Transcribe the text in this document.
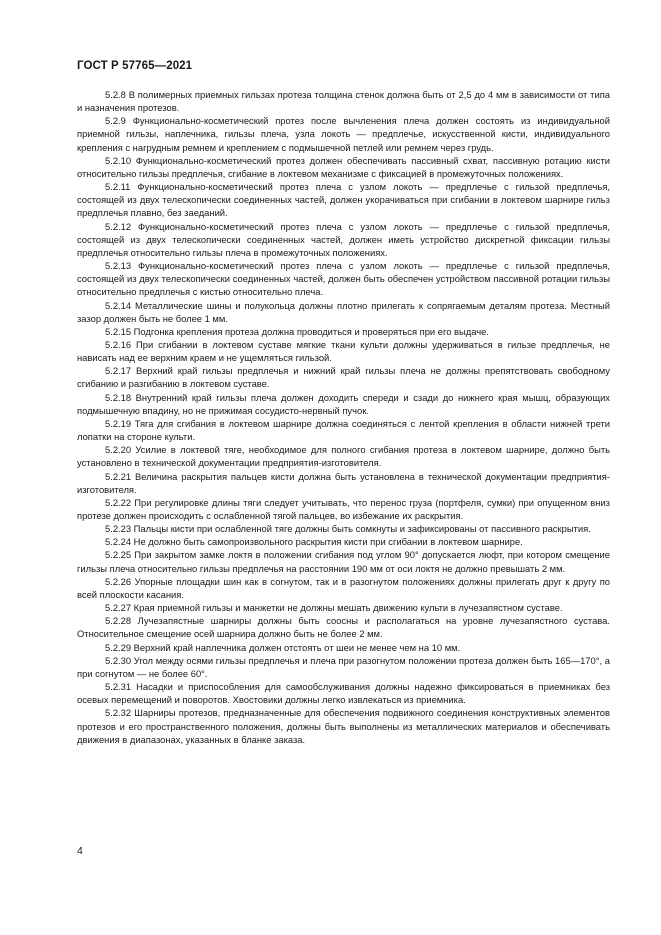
ГОСТ Р 57765—2021

5.2.8 В полимерных приемных гильзах протеза толщина стенок должна быть от 2,5 до 4 мм в зависимости от типа и назначения протезов.

5.2.9 Функционально-косметический протез после вычленения плеча должен состоять из индивидуальной приемной гильзы, наплечника, гильзы плеча, узла локоть — предплечье, искусственной кисти, индивидуального крепления с нагрудным ремнем и креплением с подмышечной петлей или ремнем через грудь.

5.2.10 Функционально-косметический протез должен обеспечивать пассивный схват, пассивную ротацию кисти относительно гильзы предплечья, сгибание в локтевом механизме с фиксацией в промежуточных положениях.

5.2.11 Функционально-косметический протез плеча с узлом локоть — предплечье с гильзой предплечья, состоящей из двух телескопически соединенных частей, должен укорачиваться при сгибании в локтевом шарнире гильз предплечья плавно, без заеданий.

5.2.12 Функционально-косметический протез плеча с узлом локоть — предплечье с гильзой предплечья, состоящей из двух телескопически соединенных частей, должен иметь устройство дискретной фиксации гильзы предплечья относительно гильзы плеча в промежуточных положениях.

5.2.13 Функционально-косметический протез плеча с узлом локоть — предплечье с гильзой предплечья, состоящей из двух телескопически соединенных частей, должен быть обеспечен устройством пассивной ротации гильзы относительно предплечья с кистью относительно плеча.

5.2.14 Металлические шины и полукольца должны плотно прилегать к сопрягаемым деталям протеза. Местный зазор должен быть не более 1 мм.

5.2.15 Подгонка крепления протеза должна проводиться и проверяться при его выдаче.

5.2.16 При сгибании в локтевом суставе мягкие ткани культи должны удерживаться в гильзе предплечья, не нависать над ее верхним краем и не ущемляться гильзой.

5.2.17 Верхний край гильзы предплечья и нижний край гильзы плеча не должны препятствовать свободному сгибанию и разгибанию в локтевом суставе.

5.2.18 Внутренний край гильзы плеча должен доходить спереди и сзади до нижнего края мышц, образующих подмышечную впадину, но не прижимая сосудисто-нервный пучок.

5.2.19 Тяга для сгибания в локтевом шарнире должна соединяться с лентой крепления в области нижней трети лопатки на стороне культи.

5.2.20 Усилие в локтевой тяге, необходимое для полного сгибания протеза в локтевом шарнире, должно быть установлено в технической документации предприятия-изготовителя.

5.2.21 Величина раскрытия пальцев кисти должна быть установлена в технической документации предприятия-изготовителя.

5.2.22 При регулировке длины тяги следует учитывать, что перенос груза (портфеля, сумки) при опущенном вниз протезе должен происходить с ослабленной тягой пальцев, во избежание их раскрытия.

5.2.23 Пальцы кисти при ослабленной тяге должны быть сомкнуты и зафиксированы от пассивного раскрытия.

5.2.24 Не должно быть самопроизвольного раскрытия кисти при сгибании в локтевом шарнире.

5.2.25 При закрытом замке локтя в положении сгибания под углом 90° допускается люфт, при котором смещение гильзы плеча относительно гильзы предплечья на расстоянии 190 мм от оси локтя не должно превышать 2 мм.

5.2.26 Упорные площадки шин как в согнутом, так и в разогнутом положениях должны прилегать друг к другу по всей плоскости касания.

5.2.27 Края приемной гильзы и манжетки не должны мешать движению культи в лучезапястном суставе.

5.2.28 Лучезапястные шарниры должны быть соосны и располагаться на уровне лучезапястного сустава. Относительное смещение осей шарнира должно быть не более 2 мм.

5.2.29 Верхний край наплечника должен отстоять от шеи не менее чем на 10 мм.

5.2.30 Угол между осями гильзы предплечья и плеча при разогнутом положении протеза должен быть 165—170°, а при согнутом — не более 60°.

5.2.31 Насадки и приспособления для самообслуживания должны надежно фиксироваться в приемниках без осевых перемещений и поворотов. Хвостовики должны легко извлекаться из приемника.

5.2.32 Шарниры протезов, предназначенные для обеспечения подвижного соединения конструктивных элементов протезов и его пространственного положения, должны быть выполнены из металлических материалов и обеспечивать движения в диапазонах, указанных в бланке заказа.

4
